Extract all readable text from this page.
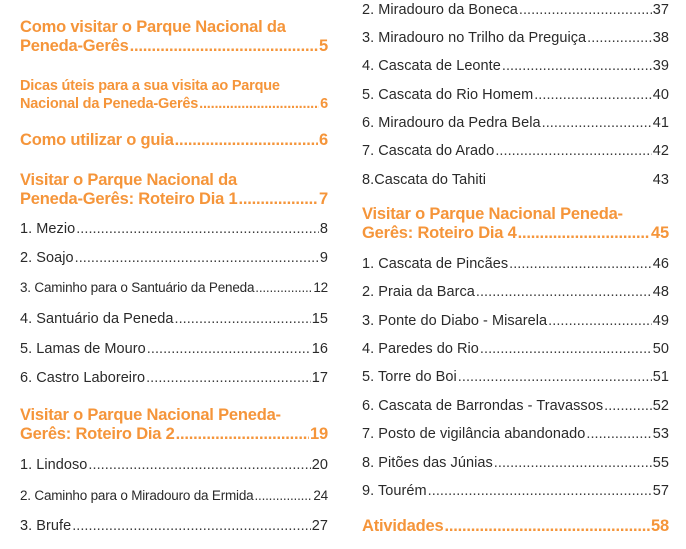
Como visitar o Parque Nacional da
Peneda-Gerês .....	5
Dicas úteis para a sua visita ao Parque
Nacional da Peneda-Gerês .....	6
Como utilizar o guia .....	6
Visitar o Parque Nacional da
Peneda-Gerês: Roteiro Dia 1 .....	7
1. Mezio .....	8
2. Soajo .....	9
3. Caminho para o Santuário da Peneda .....	12
4. Santuário da Peneda .....	15
5. Lamas de Mouro .....	16
6. Castro Laboreiro .....	17
Visitar o Parque Nacional Peneda-
Gerês: Roteiro Dia 2 .....	19
1. Lindoso .....	20
2. Caminho para o Miradouro da Ermida .....	24
3. Brufe .....	27
2. Miradouro da Boneca .....	37
3. Miradouro no Trilho da Preguiça .....	38
4. Cascata de Leonte .....	39
5. Cascata do Rio Homem .....	40
6. Miradouro da Pedra Bela .....	41
7. Cascata do Arado .....	42
8.Cascata do Tahiti	43
Visitar o Parque Nacional Peneda-
Gerês: Roteiro Dia 4 .....	45
1. Cascata de Pincães .....	46
2. Praia da Barca .....	48
3. Ponte do Diabo - Misarela .....	49
4. Paredes do Rio .....	50
5. Torre do Boi .....	51
6. Cascata de Barrondas - Travassos .....	52
7. Posto de vigilância abandonado .....	53
8. Pitões das Júnias .....	55
9. Tourém .....	57
Atividades .....	58
